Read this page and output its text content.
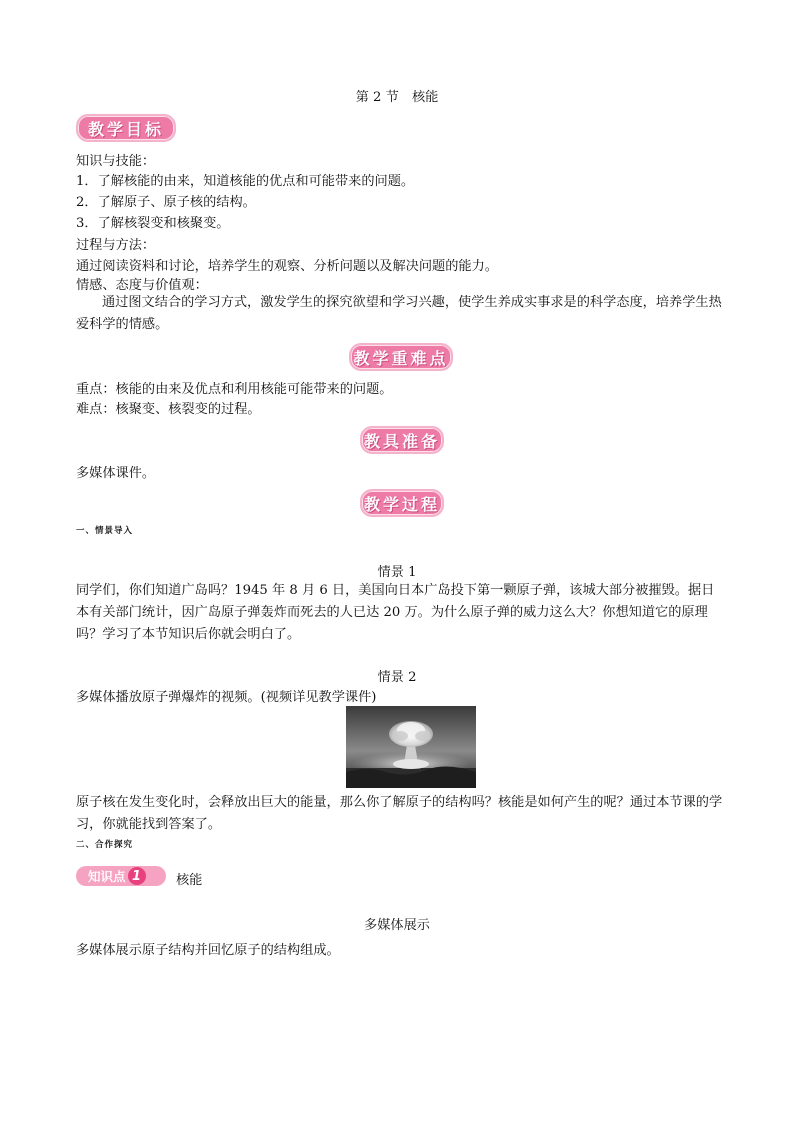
第 2 节　核能

教学目标

知识与技能：

1．了解核能的由来，知道核能的优点和可能带来的问题。

2．了解原子、原子核的结构。

3．了解核裂变和核聚变。

过程与方法：

通过阅读资料和讨论，培养学生的观察、分析问题以及解决问题的能力。

情感、态度与价值观：

通过图文结合的学习方式，激发学生的探究欲望和学习兴趣，使学生养成实事求是的科学态度，培养学生热爱科学的情感。

教学重难点

重点：核能的由来及优点和利用核能可能带来的问题。

难点：核聚变、核裂变的过程。

教具准备

多媒体课件。

教学过程

一、情景导入

情景 1

同学们，你们知道广岛吗？1945 年 8 月 6 日，美国向日本广岛投下第一颗原子弹，该城大部分被摧毁。据日本有关部门统计，因广岛原子弹轰炸而死去的人已达 20 万。为什么原子弹的威力这么大？你想知道它的原理吗？学习了本节知识后你就会明白了。

情景 2

多媒体播放原子弹爆炸的视频。(视频详见教学课件)

原子核在发生变化时，会释放出巨大的能量，那么你了解原子的结构吗？核能是如何产生的呢？通过本节课的学习，你就能找到答案了。

二、合作探究

知识点 1	核能

多媒体展示

多媒体展示原子结构并回忆原子的结构组成。
